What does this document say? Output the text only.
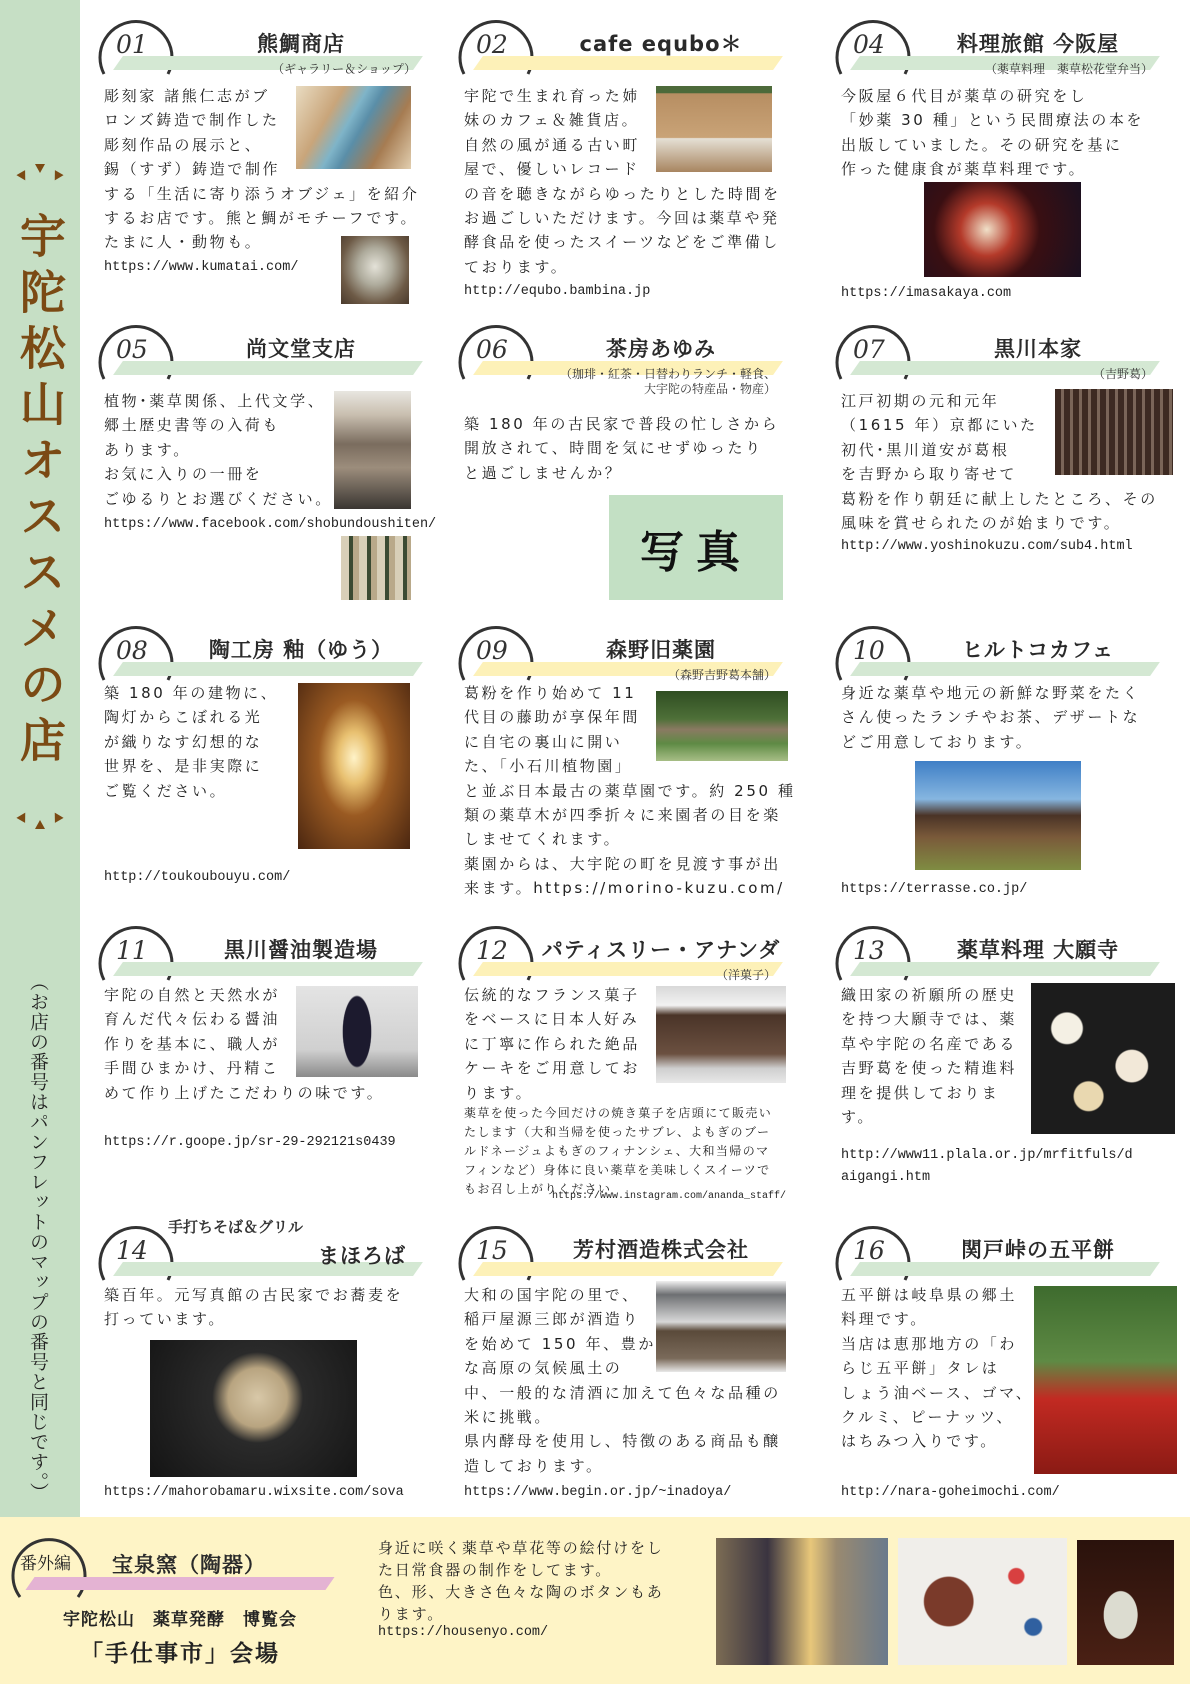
宇陀松山オススメの店
（お店の番号はパンフレットのマップの番号と同じです。）
01	熊鯛商店
（ギャラリー＆ショップ）
彫刻家 諸熊仁志がブ
ロンズ鋳造で制作した
彫刻作品の展示と、
錫（すず）鋳造で制作
する「生活に寄り添うオブジェ」を紹介
するお店です。熊と鯛がモチーフです。
たまに人・動物も。
https://www.kumatai.com/
02	cafe equbo＊
宇陀で生まれ育った姉
妹のカフェ＆雑貨店。
自然の風が通る古い町
屋で、優しいレコード
の音を聴きながらゆったりとした時間を
お過ごしいただけます。今回は薬草や発
酵食品を使ったスイーツなどをご準備し
ております。
http://equbo.bambina.jp
04	料理旅館 今阪屋
（薬草料理　薬草松花堂弁当）
今阪屋６代目が薬草の研究をし
「妙薬 30 種」という民間療法の本を
出版していました。その研究を基に
作った健康食が薬草料理です。
https://imasakaya.com
05	尚文堂支店
植物･薬草関係、上代文学、
郷土歴史書等の入荷も
あります。
お気に入りの一冊を
ごゆるりとお選びください。
https://www.facebook.com/shobundoushiten/
06	茶房あゆみ
（珈琲・紅茶・日替わりランチ・軽食、
大宇陀の特産品・物産）
写真
築 180 年の古民家で普段の忙しさから
開放されて、時間を気にせずゆったり
と過ごしませんか？
07	黒川本家
（吉野葛）
江戸初期の元和元年
（1615 年）京都にいた
初代･黒川道安が葛根
を吉野から取り寄せて
葛粉を作り朝廷に献上したところ、その
風味を賞せられたのが始まりです。
http://www.yoshinokuzu.com/sub4.html
08	陶工房 釉（ゆう）
築 180 年の建物に、
陶灯からこぼれる光
が織りなす幻想的な
世界を、是非実際に
ご覧ください。
http://toukoubouyu.com/
09	森野旧薬園
（森野吉野葛本舗）
葛粉を作り始めて 11
代目の藤助が享保年間
に自宅の裏山に開い
た、「小石川植物園」
と並ぶ日本最古の薬草園です。約 250 種
類の薬草木が四季折々に来園者の目を楽
しませてくれます。
薬園からは、大宇陀の町を見渡す事が出
来ます。https://morino-kuzu.com/
10	ヒルトコカフェ
身近な薬草や地元の新鮮な野菜をたく
さん使ったランチやお茶、デザートな
どご用意しております。
https://terrasse.co.jp/
11	黒川醤油製造場
宇陀の自然と天然水が
育んだ代々伝わる醤油
作りを基本に、職人が
手間ひまかけ、丹精こ
めて作り上げたこだわりの味です。
https://r.goope.jp/sr-29-292121s0439
12 パティスリー・アナンダ
（洋菓子）
伝統的なフランス菓子
をベースに日本人好み
に丁寧に作られた絶品
ケーキをご用意してお
ります。
薬草を使った今回だけの焼き菓子を店頭にて販売い
たします（大和当帰を使ったサブレ、よもぎのブー
ルドネージュよもぎのフィナンシェ、大和当帰のマ
フィンなど）身体に良い薬草を美味しくスイーツで
もお召し上がりください
https://www.instagram.com/ananda_staff/
13	薬草料理 大願寺
織田家の祈願所の歴史
を持つ大願寺では、薬
草や宇陀の名産である
吉野葛を使った精進料
理を提供しておりま
す。
http://www11.plala.or.jp/mrfitfuls/d
aigangi.htm
14	まほろば
手打ちそば＆グリル
築百年。元写真館の古民家でお蕎麦を
打っています。
https://mahorobamaru.wixsite.com/sova
15	芳村酒造株式会社
大和の国宇陀の里で、
稲戸屋源三郎が酒造り
を始めて 150 年、豊か
な高原の気候風土の
中、一般的な清酒に加えて色々な品種の
米に挑戦。
県内酵母を使用し、特徴のある商品も醸
造しております。
https://www.begin.or.jp/~inadoya/
16	関戸峠の五平餅
五平餅は岐阜県の郷土
料理です。
当店は恵那地方の「わ
らじ五平餅」タレは
しょう油ベース、ゴマ、
クルミ、ピーナッツ、
はちみつ入りです。
http://nara-goheimochi.com/
番外編 宝泉窯（陶器）
宇陀松山　薬草発酵　博覧会
「手仕事市」会場
身近に咲く薬草や草花等の絵付けをし
た日常食器の制作をしてます。
色、形、大きさ色々な陶のボタンもあ
ります。
https://housenyo.com/
